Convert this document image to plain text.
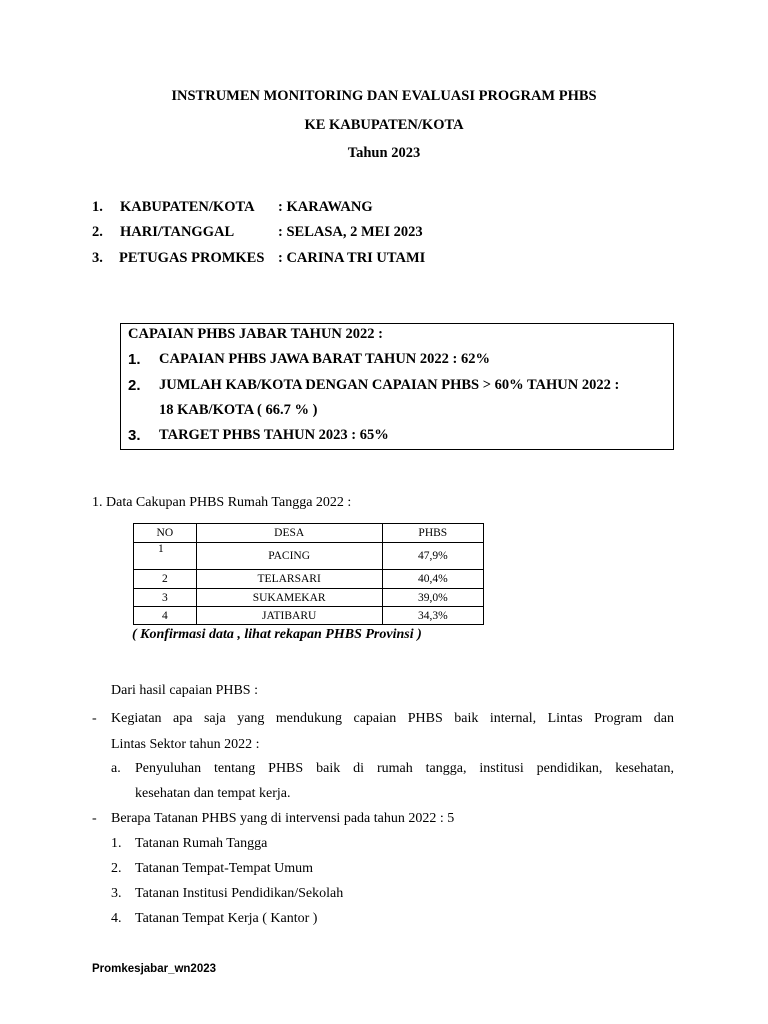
INSTRUMEN MONITORING DAN EVALUASI PROGRAM PHBS
KE KABUPATEN/KOTA
Tahun 2023
1. KABUPATEN/KOTA : KARAWANG
2. HARI/TANGGAL	: SELASA, 2 MEI 2023
3. PETUGAS PROMKES : CARINA TRI UTAMI
CAPAIAN PHBS JABAR TAHUN 2022 :
1. CAPAIAN PHBS JAWA BARAT TAHUN 2022 : 62%
2. JUMLAH KAB/KOTA DENGAN CAPAIAN PHBS > 60% TAHUN 2022 :
18 KAB/KOTA ( 66.7 % )
3. TARGET PHBS TAHUN 2023 : 65%
1. Data Cakupan PHBS Rumah Tangga 2022 :
NO	DESA	PHBS
1	PACING	47,9%
2	TELARSARI	40,4%
3	SUKAMEKAR	39,0%
4	JATIBARU	34,3%
( Konfirmasi data , lihat rekapan PHBS Provinsi )
Dari hasil capaian PHBS :
- Kegiatan apa saja yang mendukung capaian PHBS baik internal, Lintas Program dan
Lintas Sektor tahun 2022 :
a. Penyuluhan tentang PHBS baik di rumah tangga, institusi pendidikan, kesehatan,
kesehatan dan tempat kerja.
- Berapa Tatanan PHBS yang di intervensi pada tahun 2022 : 5
1. Tatanan Rumah Tangga
2. Tatanan Tempat-Tempat Umum
3. Tatanan Institusi Pendidikan/Sekolah
4. Tatanan Tempat Kerja ( Kantor )
Promkesjabar_wn2023
